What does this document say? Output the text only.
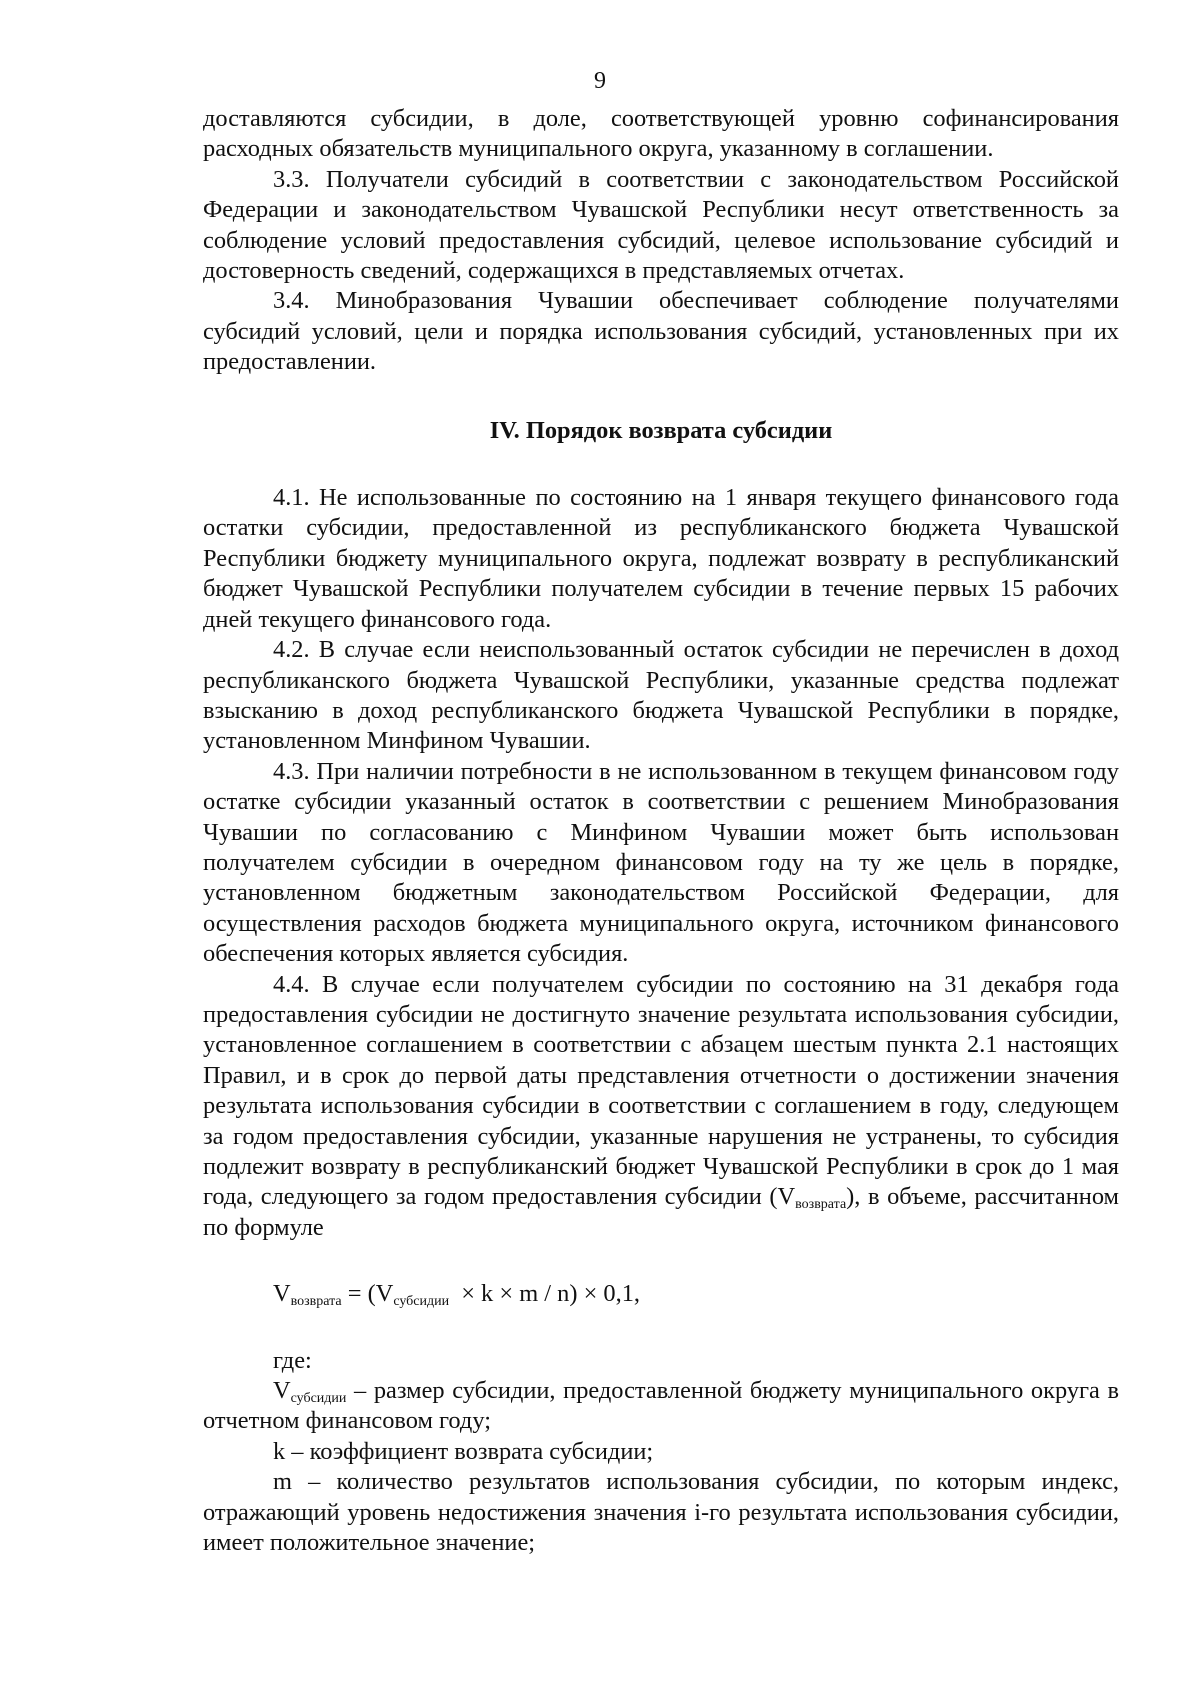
9

доставляются субсидии, в доле, соответствующей уровню софинансирования расходных обязательств муниципального округа, указанному в соглашении.

3.3. Получатели субсидий в соответствии с законодательством Российской Федерации и законодательством Чувашской Республики несут ответственность за соблюдение условий предоставления субсидий, целевое использование субсидий и достоверность сведений, содержащихся в представляемых отчетах.

3.4. Минобразования Чувашии обеспечивает соблюдение получателями субсидий условий, цели и порядка использования субсидий, установленных при их предоставлении.

IV. Порядок возврата субсидии

4.1. Не использованные по состоянию на 1 января текущего финансового года остатки субсидии, предоставленной из республиканского бюджета Чувашской Республики бюджету муниципального округа, подлежат возврату в республиканский бюджет Чувашской Республики получателем субсидии в течение первых 15 рабочих дней текущего финансового года.

4.2. В случае если неиспользованный остаток субсидии не перечислен в доход республиканского бюджета Чувашской Республики, указанные средства подлежат взысканию в доход республиканского бюджета Чувашской Республики в порядке, установленном Минфином Чувашии.

4.3. При наличии потребности в не использованном в текущем финансовом году остатке субсидии указанный остаток в соответствии с решением Минобразования Чувашии по согласованию с Минфином Чувашии может быть использован получателем субсидии в очередном финансовом году на ту же цель в порядке, установленном бюджетным законодательством Российской Федерации, для осуществления расходов бюджета муниципального округа, источником финансового обеспечения которых является субсидия.

4.4. В случае если получателем субсидии по состоянию на 31 декабря года предоставления субсидии не достигнуто значение результата использования субсидии, установленное соглашением в соответствии с абзацем шестым пункта 2.1 настоящих Правил, и в срок до первой даты представления отчетности о достижении значения результата использования субсидии в соответствии с соглашением в году, следующем за годом предоставления субсидии, указанные нарушения не устранены, то субсидия подлежит возврату в республиканский бюджет Чувашской Республики в срок до 1 мая года, следующего за годом предоставления субсидии $(V_{возврата})$, в объеме, рассчитанном по формуле

$V_{возврата} = (V_{субсидии} \times k \times m / n) \times 0,1$,

где:

$V_{субсидии}$ – размер субсидии, предоставленной бюджету муниципального округа в отчетном финансовом году;

k – коэффициент возврата субсидии;

m – количество результатов использования субсидии, по которым индекс, отражающий уровень недостижения значения i-го результата использования субсидии, имеет положительное значение;
